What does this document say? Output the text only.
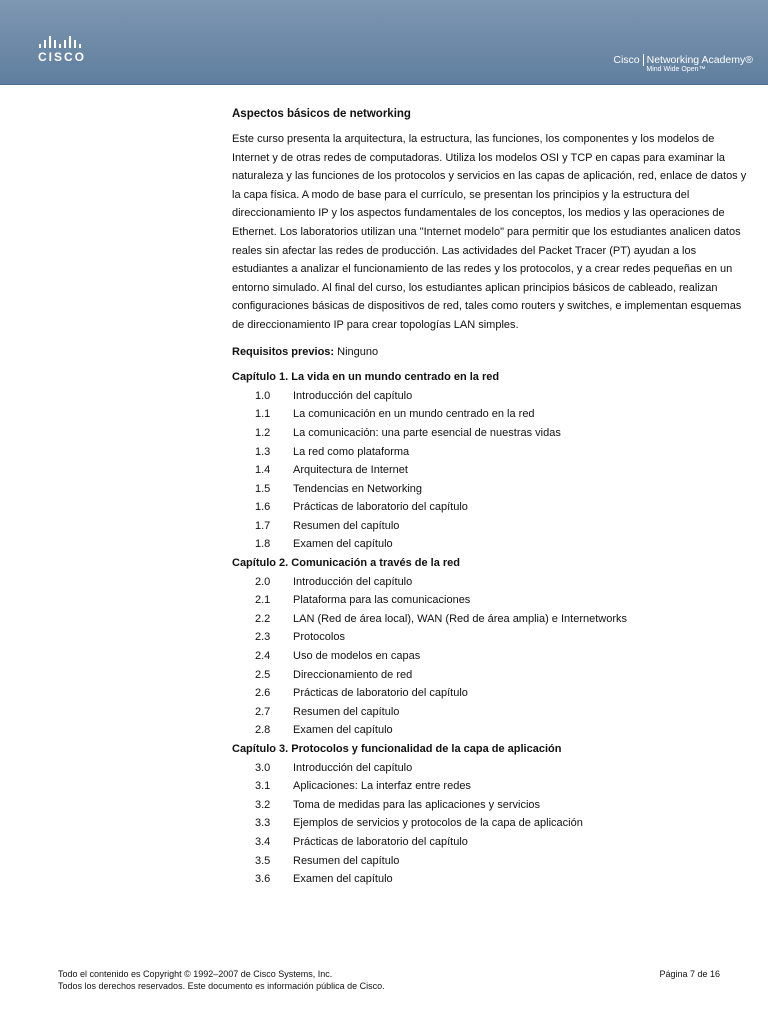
CISCO	Cisco Networking Academy®
Mind Wide Open™
Aspectos básicos de networking
Este curso presenta la arquitectura, la estructura, las funciones, los componentes y los modelos de Internet y de otras redes de computadoras. Utiliza los modelos OSI y TCP en capas para examinar la naturaleza y las funciones de los protocolos y servicios en las capas de aplicación, red, enlace de datos y la capa física. A modo de base para el currículo, se presentan los principios y la estructura del direccionamiento IP y los aspectos fundamentales de los conceptos, los medios y las operaciones de Ethernet. Los laboratorios utilizan una "Internet modelo" para permitir que los estudiantes analicen datos reales sin afectar las redes de producción. Las actividades del Packet Tracer (PT) ayudan a los estudiantes a analizar el funcionamiento de las redes y los protocolos, y a crear redes pequeñas en un entorno simulado. Al final del curso, los estudiantes aplican principios básicos de cableado, realizan configuraciones básicas de dispositivos de red, tales como routers y switches, e implementan esquemas de direccionamiento IP para crear topologías LAN simples.
Requisitos previos: Ninguno
Capítulo 1. La vida en un mundo centrado en la red
1.0	Introducción del capítulo
1.1	La comunicación en un mundo centrado en la red
1.2	La comunicación: una parte esencial de nuestras vidas
1.3	La red como plataforma
1.4	Arquitectura de Internet
1.5	Tendencias en Networking
1.6	Prácticas de laboratorio del capítulo
1.7	Resumen del capítulo
1.8	Examen del capítulo
Capítulo 2. Comunicación a través de la red
2.0	Introducción del capítulo
2.1	Plataforma para las comunicaciones
2.2	LAN (Red de área local), WAN (Red de área amplia) e Internetworks
2.3	Protocolos
2.4	Uso de modelos en capas
2.5	Direccionamiento de red
2.6	Prácticas de laboratorio del capítulo
2.7	Resumen del capítulo
2.8	Examen del capítulo
Capítulo 3. Protocolos y funcionalidad de la capa de aplicación
3.0	Introducción del capítulo
3.1	Aplicaciones: La interfaz entre redes
3.2	Toma de medidas para las aplicaciones y servicios
3.3	Ejemplos de servicios y protocolos de la capa de aplicación
3.4	Prácticas de laboratorio del capítulo
3.5	Resumen del capítulo
3.6	Examen del capítulo
Todo el contenido es Copyright © 1992–2007 de Cisco Systems, Inc.
Todos los derechos reservados. Este documento es información pública de Cisco.
Página 7 de 16
